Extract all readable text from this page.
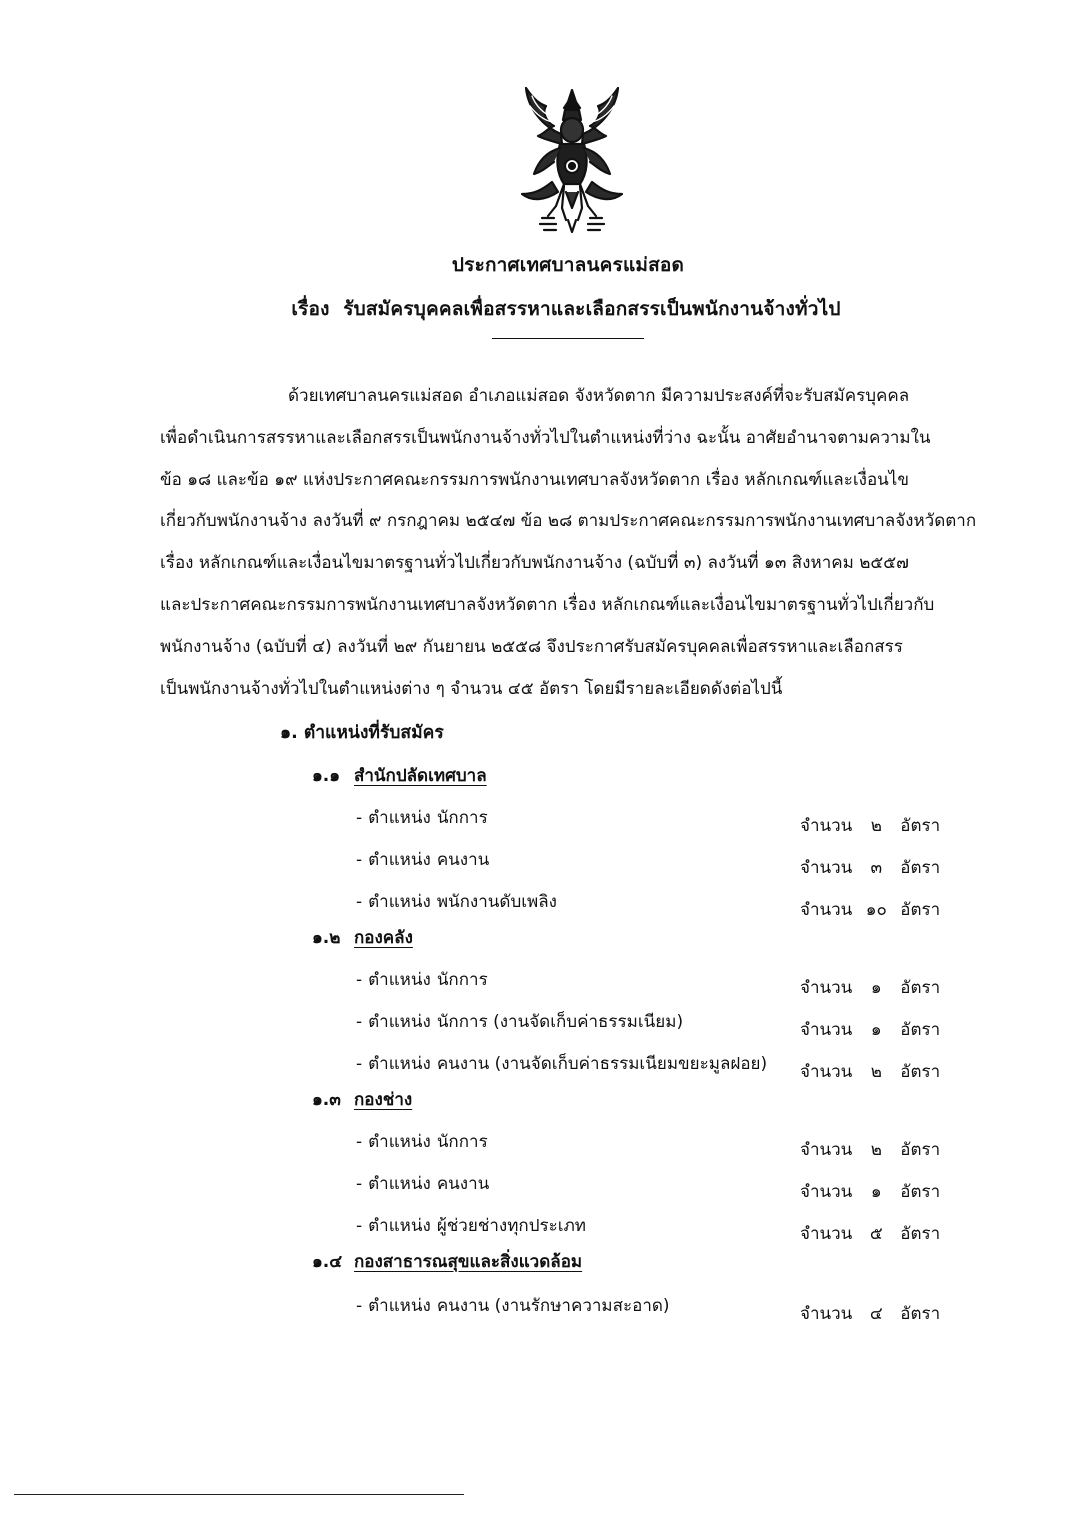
ประกาศเทศบาลนครแม่สอด
เรื่อง รับสมัครบุคคลเพื่อสรรหาและเลือกสรรเป็นพนักงานจ้างทั่วไป
ด้วยเทศบาลนครแม่สอด อำเภอแม่สอด จังหวัดตาก มีความประสงค์ที่จะรับสมัครบุคคล
เพื่อดำเนินการสรรหาและเลือกสรรเป็นพนักงานจ้างทั่วไปในตำแหน่งที่ว่าง ฉะนั้น อาศัยอำนาจตามความใน
ข้อ ๑๘ และข้อ ๑๙ แห่งประกาศคณะกรรมการพนักงานเทศบาลจังหวัดตาก เรื่อง หลักเกณฑ์และเงื่อนไข
เกี่ยวกับพนักงานจ้าง ลงวันที่ ๙ กรกฎาคม ๒๕๔๗ ข้อ ๒๘ ตามประกาศคณะกรรมการพนักงานเทศบาลจังหวัดตาก
เรื่อง หลักเกณฑ์และเงื่อนไขมาตรฐานทั่วไปเกี่ยวกับพนักงานจ้าง (ฉบับที่ ๓) ลงวันที่ ๑๓ สิงหาคม ๒๕๕๗
และประกาศคณะกรรมการพนักงานเทศบาลจังหวัดตาก เรื่อง หลักเกณฑ์และเงื่อนไขมาตรฐานทั่วไปเกี่ยวกับ
พนักงานจ้าง (ฉบับที่ ๔) ลงวันที่ ๒๙ กันยายน ๒๕๕๘ จึงประกาศรับสมัครบุคคลเพื่อสรรหาและเลือกสรร
เป็นพนักงานจ้างทั่วไปในตำแหน่งต่าง ๆ จำนวน ๔๕ อัตรา โดยมีรายละเอียดดังต่อไปนี้
๑. ตำแหน่งที่รับสมัคร
๑.๑ สำนักปลัดเทศบาล
- ตำแหน่ง นักการ	จำนวน ๒ อัตรา
- ตำแหน่ง คนงาน	จำนวน ๓ อัตรา
- ตำแหน่ง พนักงานดับเพลิง	จำนวน ๑๐ อัตรา
๑.๒ กองคลัง
- ตำแหน่ง นักการ	จำนวน ๑ อัตรา
- ตำแหน่ง นักการ (งานจัดเก็บค่าธรรมเนียม)	จำนวน ๑ อัตรา
- ตำแหน่ง คนงาน (งานจัดเก็บค่าธรรมเนียมขยะมูลฝอย) จำนวน ๒ อัตรา
๑.๓ กองช่าง
- ตำแหน่ง นักการ	จำนวน ๒ อัตรา
- ตำแหน่ง คนงาน	จำนวน ๑ อัตรา
- ตำแหน่ง ผู้ช่วยช่างทุกประเภท	จำนวน ๕ อัตรา
๑.๔ กองสาธารณสุขและสิ่งแวดล้อม
- ตำแหน่ง คนงาน (งานรักษาความสะอาด)	จำนวน ๔ อัตรา
